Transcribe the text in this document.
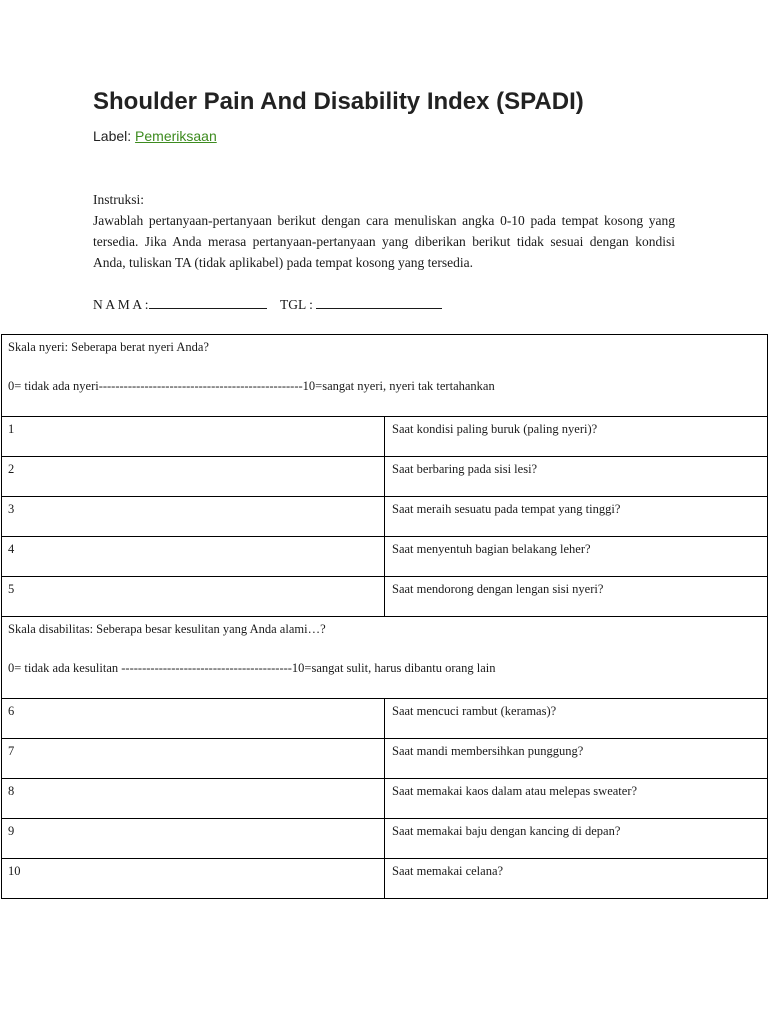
Shoulder Pain And Disability Index (SPADI)
Label: Pemeriksaan
Instruksi:
Jawablah pertanyaan-pertanyaan berikut dengan cara menuliskan angka 0-10 pada tempat kosong yang tersedia. Jika Anda merasa pertanyaan-pertanyaan yang diberikan berikut tidak sesuai dengan kondisi Anda, tuliskan TA (tidak aplikabel) pada tempat kosong yang tersedia.
N A M A :	TGL :
Skala nyeri: Seberapa berat nyeri Anda?
0= tidak ada nyeri-------------------------------------------------10=sangat nyeri, nyeri tak tertahankan	

1	Saat kondisi paling buruk (paling nyeri)?
2	Saat berbaring pada sisi lesi?
3	Saat meraih sesuatu pada tempat yang tinggi?
4	Saat menyentuh bagian belakang leher?
5	Saat mendorong dengan lengan sisi nyeri?

Skala disabilitas: Seberapa besar kesulitan yang Anda alami…?
0= tidak ada kesulitan -----------------------------------------10=sangat sulit, harus dibantu orang lain	

6	Saat mencuci rambut (keramas)?
7	Saat mandi membersihkan punggung?
8	Saat memakai kaos dalam atau melepas sweater?
9	Saat memakai baju dengan kancing di depan?
10	Saat memakai celana?
